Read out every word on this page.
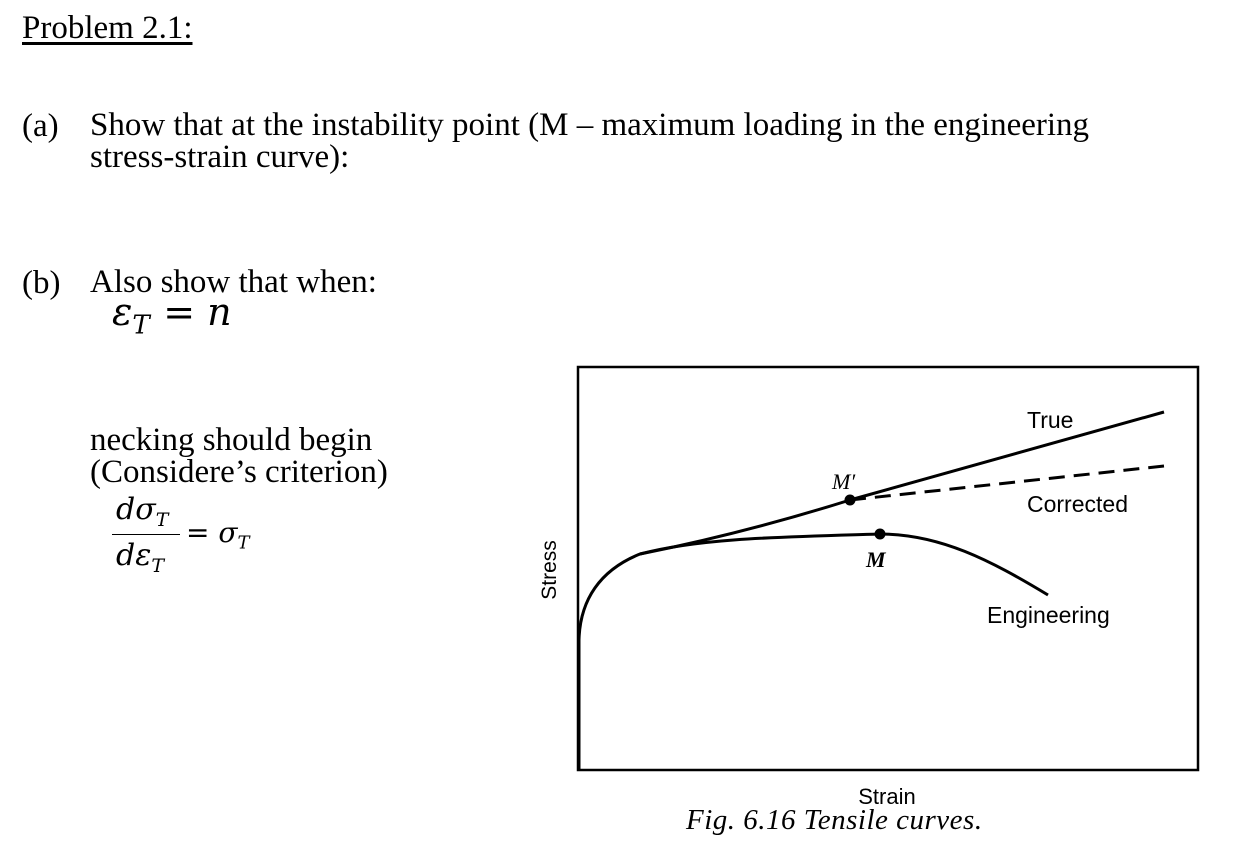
Problem 2.1:
(a) Show that at the instability point (M – maximum loading in the engineering
stress-strain curve):
(b) Also show that when:
$\varepsilon_T = n$
necking should begin
(Considere’s criterion)
$d\sigma_T$
$d\varepsilon_T$
= $\sigma_T$
M′
M
True
Corrected
Engineering
Stress
Strain
Fig. 6.16 Tensile curves.
